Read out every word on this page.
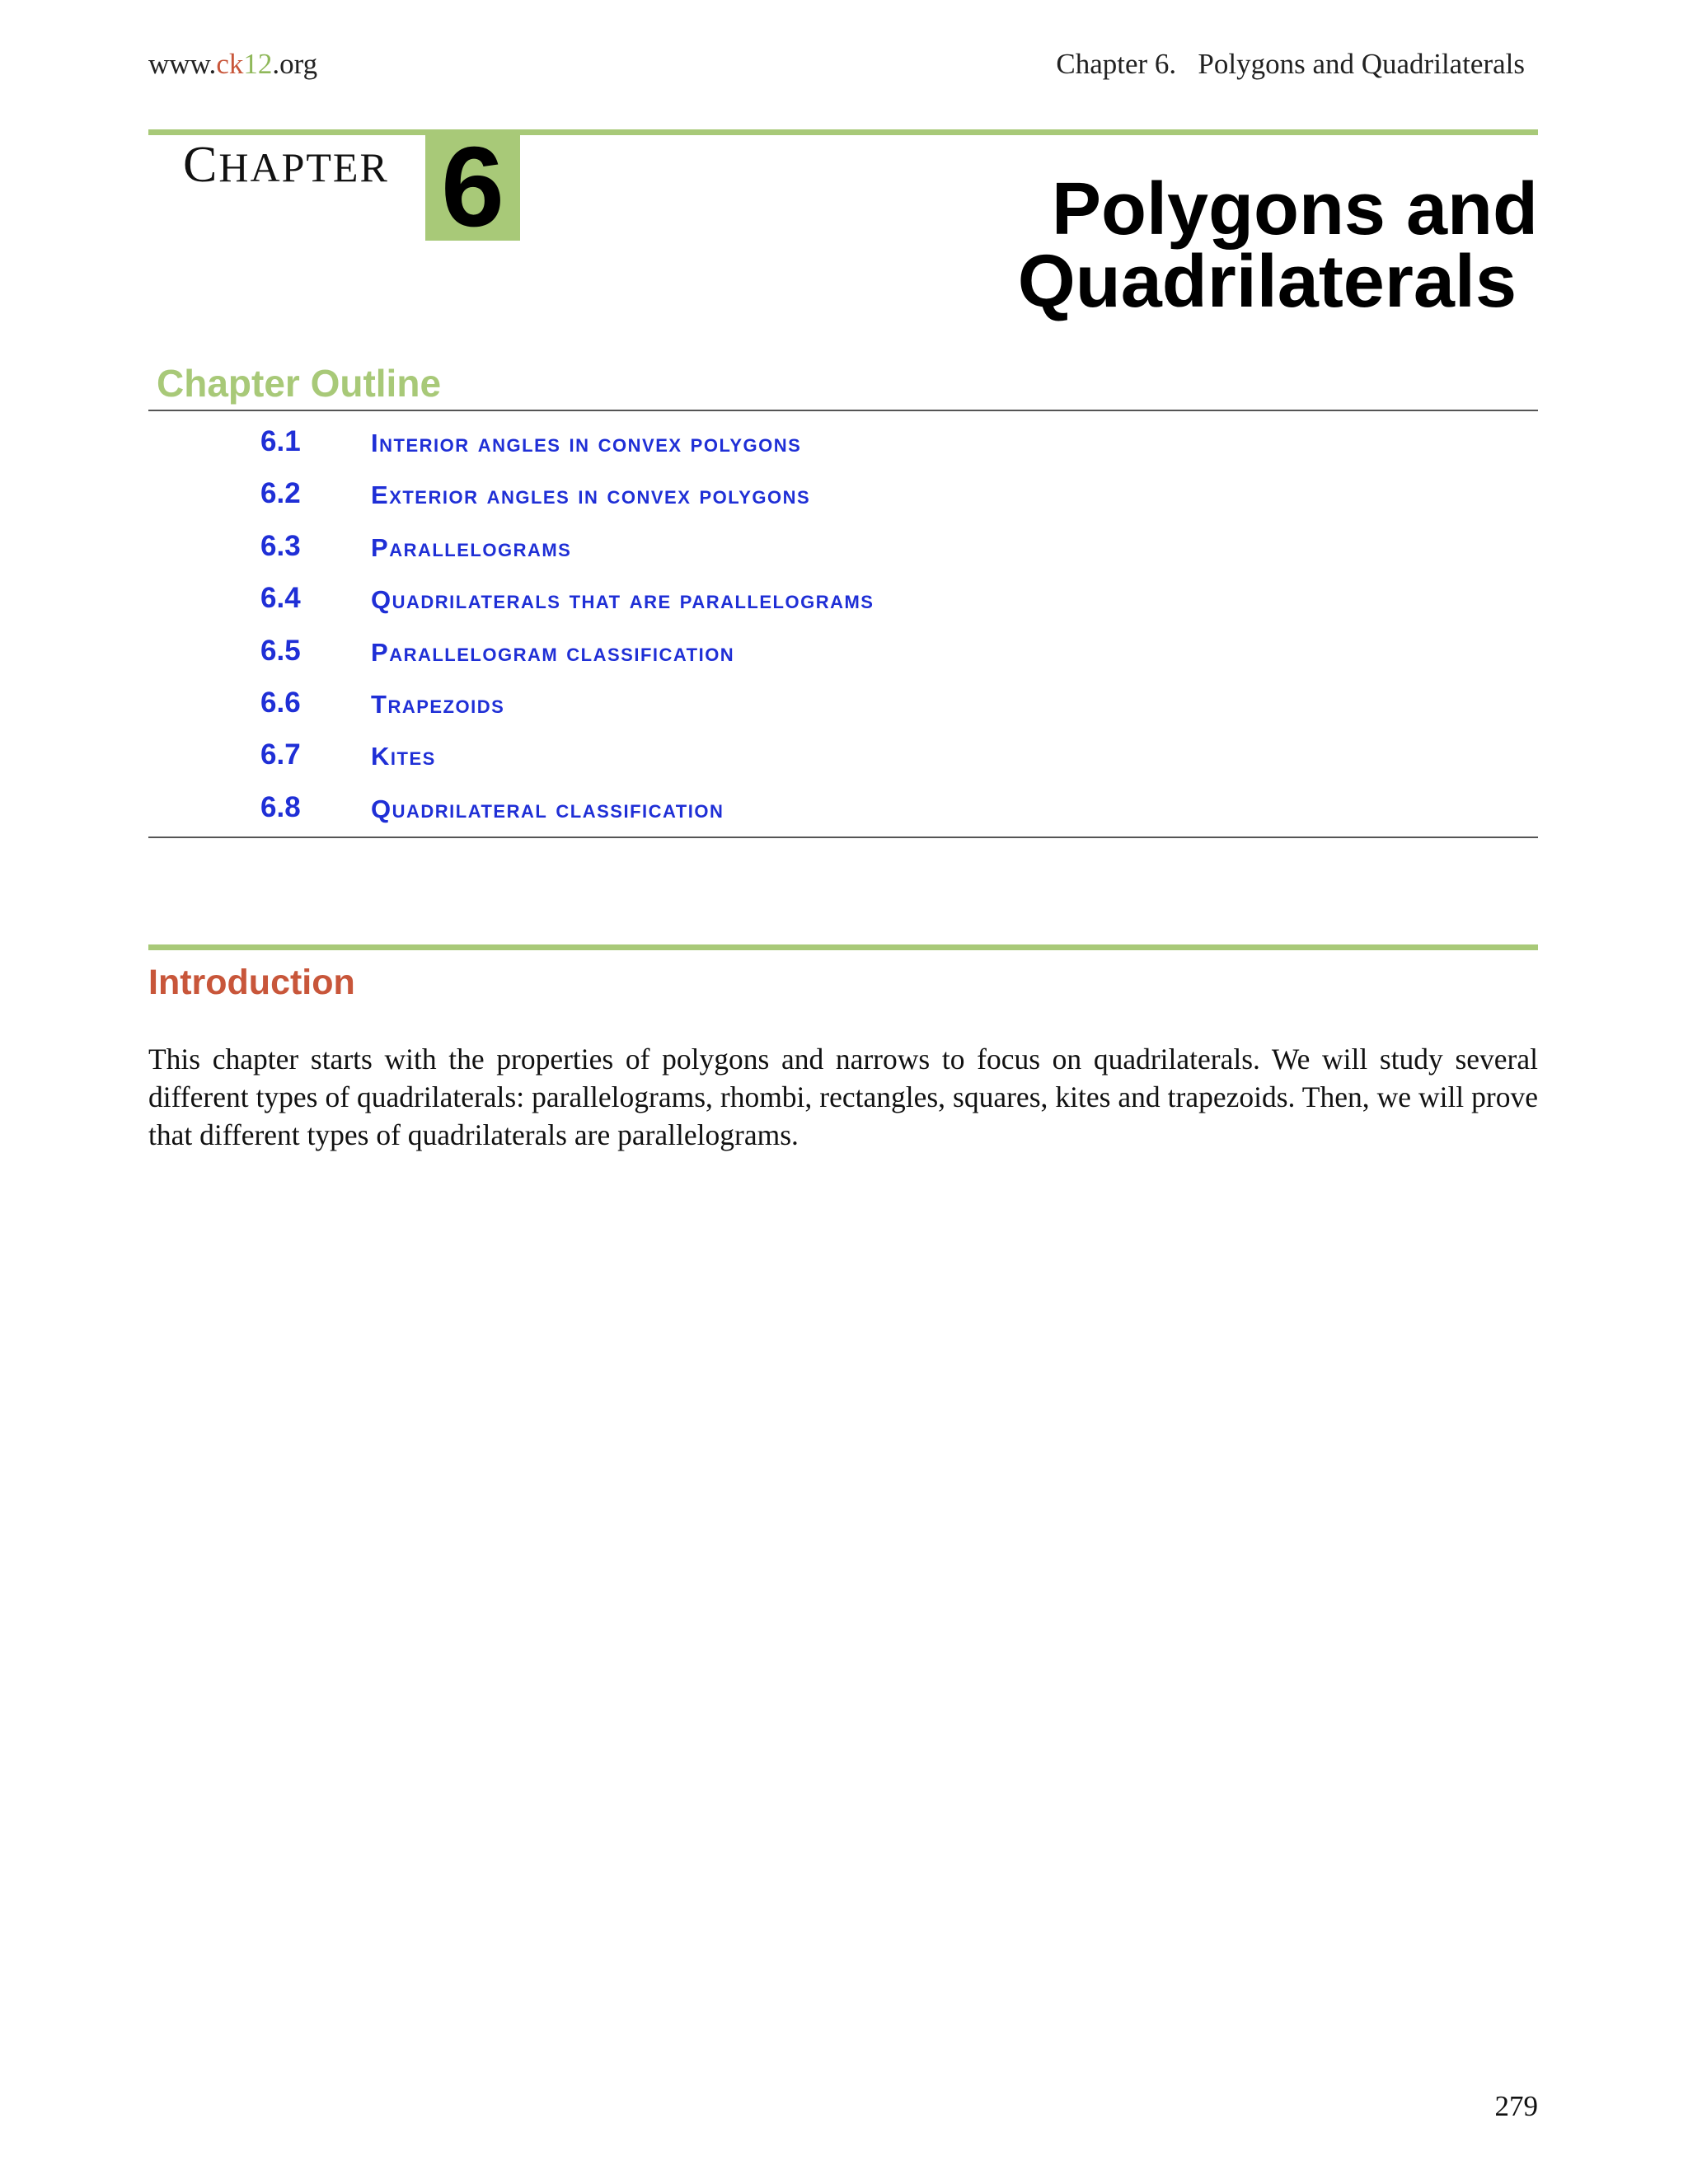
www.ck12.org	Chapter 6.   Polygons and Quadrilaterals
CHAPTER 6	Polygons and
Quadrilaterals
Chapter Outline
6.1	interior angles in convex polygons
6.2	exterior angles in convex polygons
6.3	parallelograms
6.4	quadrilaterals that are parallelograms
6.5	parallelogram classification
6.6	trapezoids
6.7	kites
6.8	quadrilateral classification
Introduction

This chapter starts with the properties of polygons and narrows to focus on quadrilaterals. We will study several different types of quadrilaterals: parallelograms, rhombi, rectangles, squares, kites and trapezoids. Then, we will prove that different types of quadrilaterals are parallelograms.

279
